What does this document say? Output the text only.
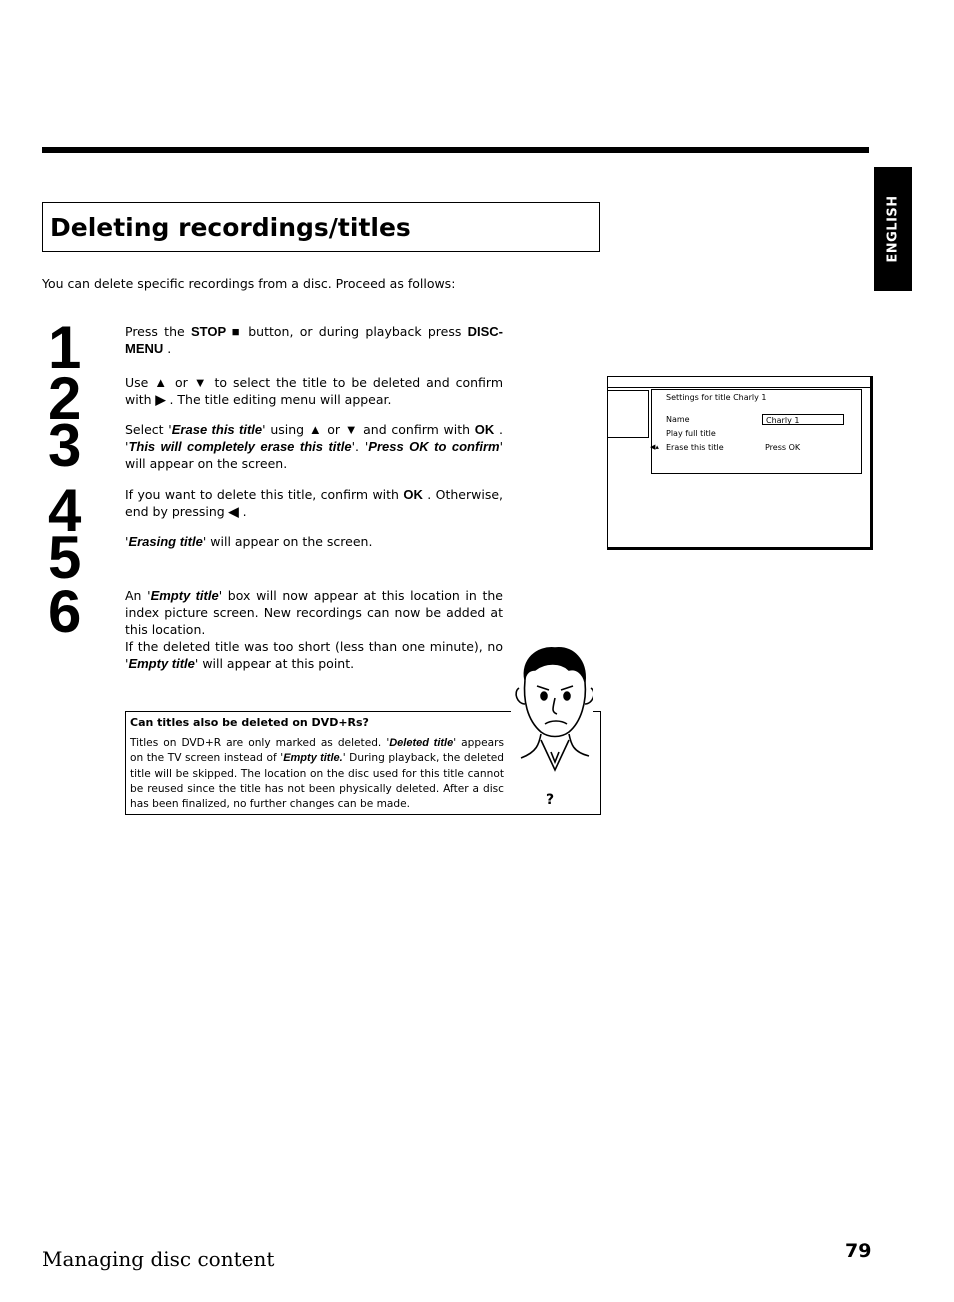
ENGLISH
Deleting recordings/titles
You can delete specific recordings from a disc. Proceed as follows:
1
2
3
4
5
6
Press the STOP ■ button, or during playback press DISC-MENU .
Use ▲ or ▼ to select the title to be deleted and confirm with ▶ . The title editing menu will appear.
Select 'Erase this title' using ▲ or ▼ and confirm with OK . 'This will completely erase this title'. 'Press OK to confirm' will appear on the screen.
If you want to delete this title, confirm with OK . Otherwise, end by pressing ◀ .
'Erasing title' will appear on the screen.
An 'Empty title' box will now appear at this location in the index picture screen. New recordings can now be added at this location.
If the deleted title was too short (less than one minute), no 'Empty title' will appear at this point.
Can titles also be deleted on DVD+Rs?
Titles on DVD+R are only marked as deleted. 'Deleted title' appears on the TV screen instead of 'Empty title.' During playback, the deleted title will be skipped. The location on the disc used for this title cannot be reused since the title has not been physically deleted. After a disc has been finalized, no further changes can be made.	?
Settings for title Charly 1
Name	Charly 1
Play full title
◀▴ Erase this title	Press OK
Managing disc content	79
